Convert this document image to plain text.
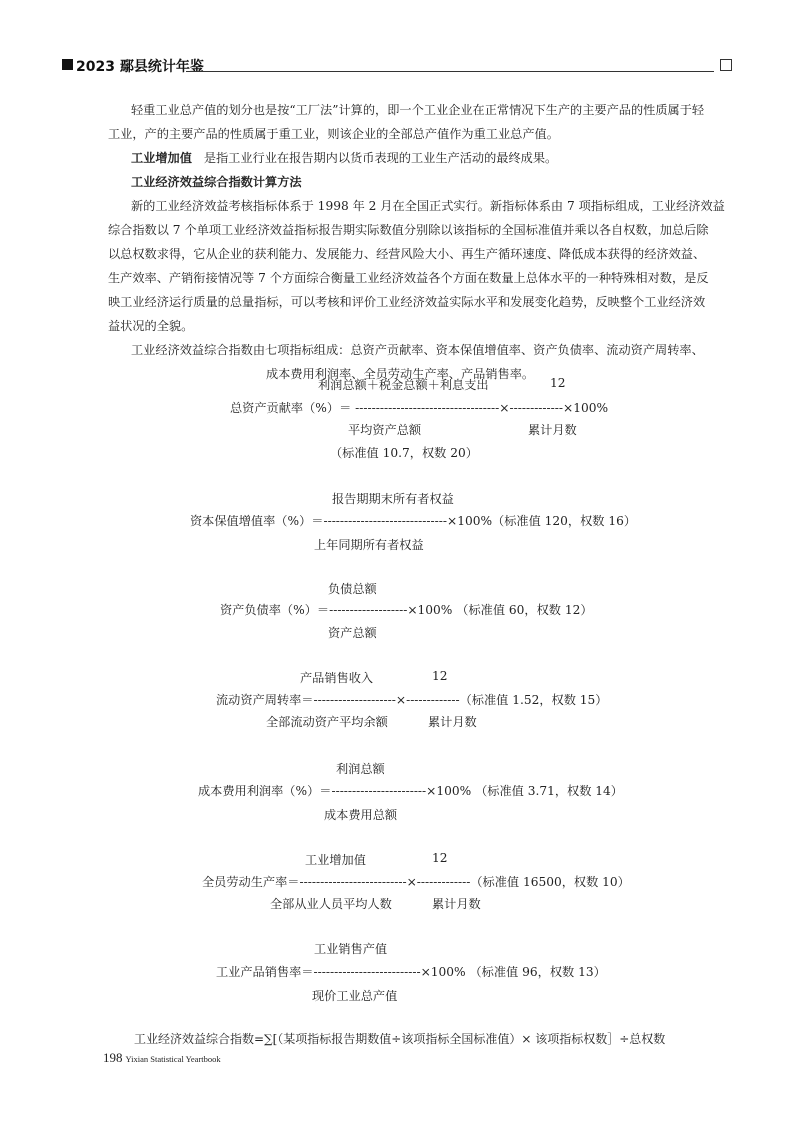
2023 鄢县统计年鉴
轻重工业总产值的划分也是按“工厂法”计算的，即一个工业企业在正常情况下生产的主要产品的性质属于轻
工业，产的主要产品的性质属于重工业，则该企业的全部总产值作为重工业总产值。
工业增加值 是指工业行业在报告期内以货币表现的工业生产活动的最终成果。
工业经济效益综合指数计算方法
新的工业经济效益考核指标体系于 1998 年 2 月在全国正式实行。新指标体系由 7 项指标组成，工业经济效益
综合指数以 7 个单项工业经济效益指标报告期实际数值分别除以该指标的全国标准值并乘以各自权数，加总后除
以总权数求得，它从企业的获利能力、发展能力、经营风险大小、再生产循环速度、降低成本获得的经济效益、
生产效率、产销衔接情况等 7 个方面综合衡量工业经济效益各个方面在数量上总体水平的一种特殊相对数，是反
映工业经济运行质量的总量指标，可以考核和评价工业经济效益实际水平和发展变化趋势，反映整个工业经济效
益状况的全貌。
工业经济效益综合指数由七项指标组成：总资产贡献率、资本保值增值率、资产负债率、流动资产周转率、
成本费用利润率、全员劳动生产率、产品销售率。
利润总额＋税金总额＋利息支出	12
总资产贡献率（%）＝ -----------------------------------×-------------×100%
平均资产总额	累计月数
（标准值 10.7，权数 20）
报告期期末所有者权益
资本保值增值率（%）＝------------------------------×100%（标准值 120，权数 16）
上年同期所有者权益
负债总额
资产负债率（%）＝-------------------×100% （标准值 60，权数 12）
资产总额
产品销售收入	12
流动资产周转率＝--------------------×-------------（标准值 1.52，权数 15）
全部流动资产平均余额	累计月数
利润总额
成本费用利润率（%）＝-----------------------×100% （标准值 3.71，权数 14）
成本费用总额
工业增加值	12
全员劳动生产率＝--------------------------×-------------（标准值 16500，权数 10）
全部从业人员平均人数	累计月数
工业销售产值
工业产品销售率＝--------------------------×100% （标准值 96，权数 13）
现价工业总产值
工业经济效益综合指数=∑[（某项指标报告期数值÷该项指标全国标准值）× 该项指标权数］÷总权数
198 Yixian Statistical Yeartbook
